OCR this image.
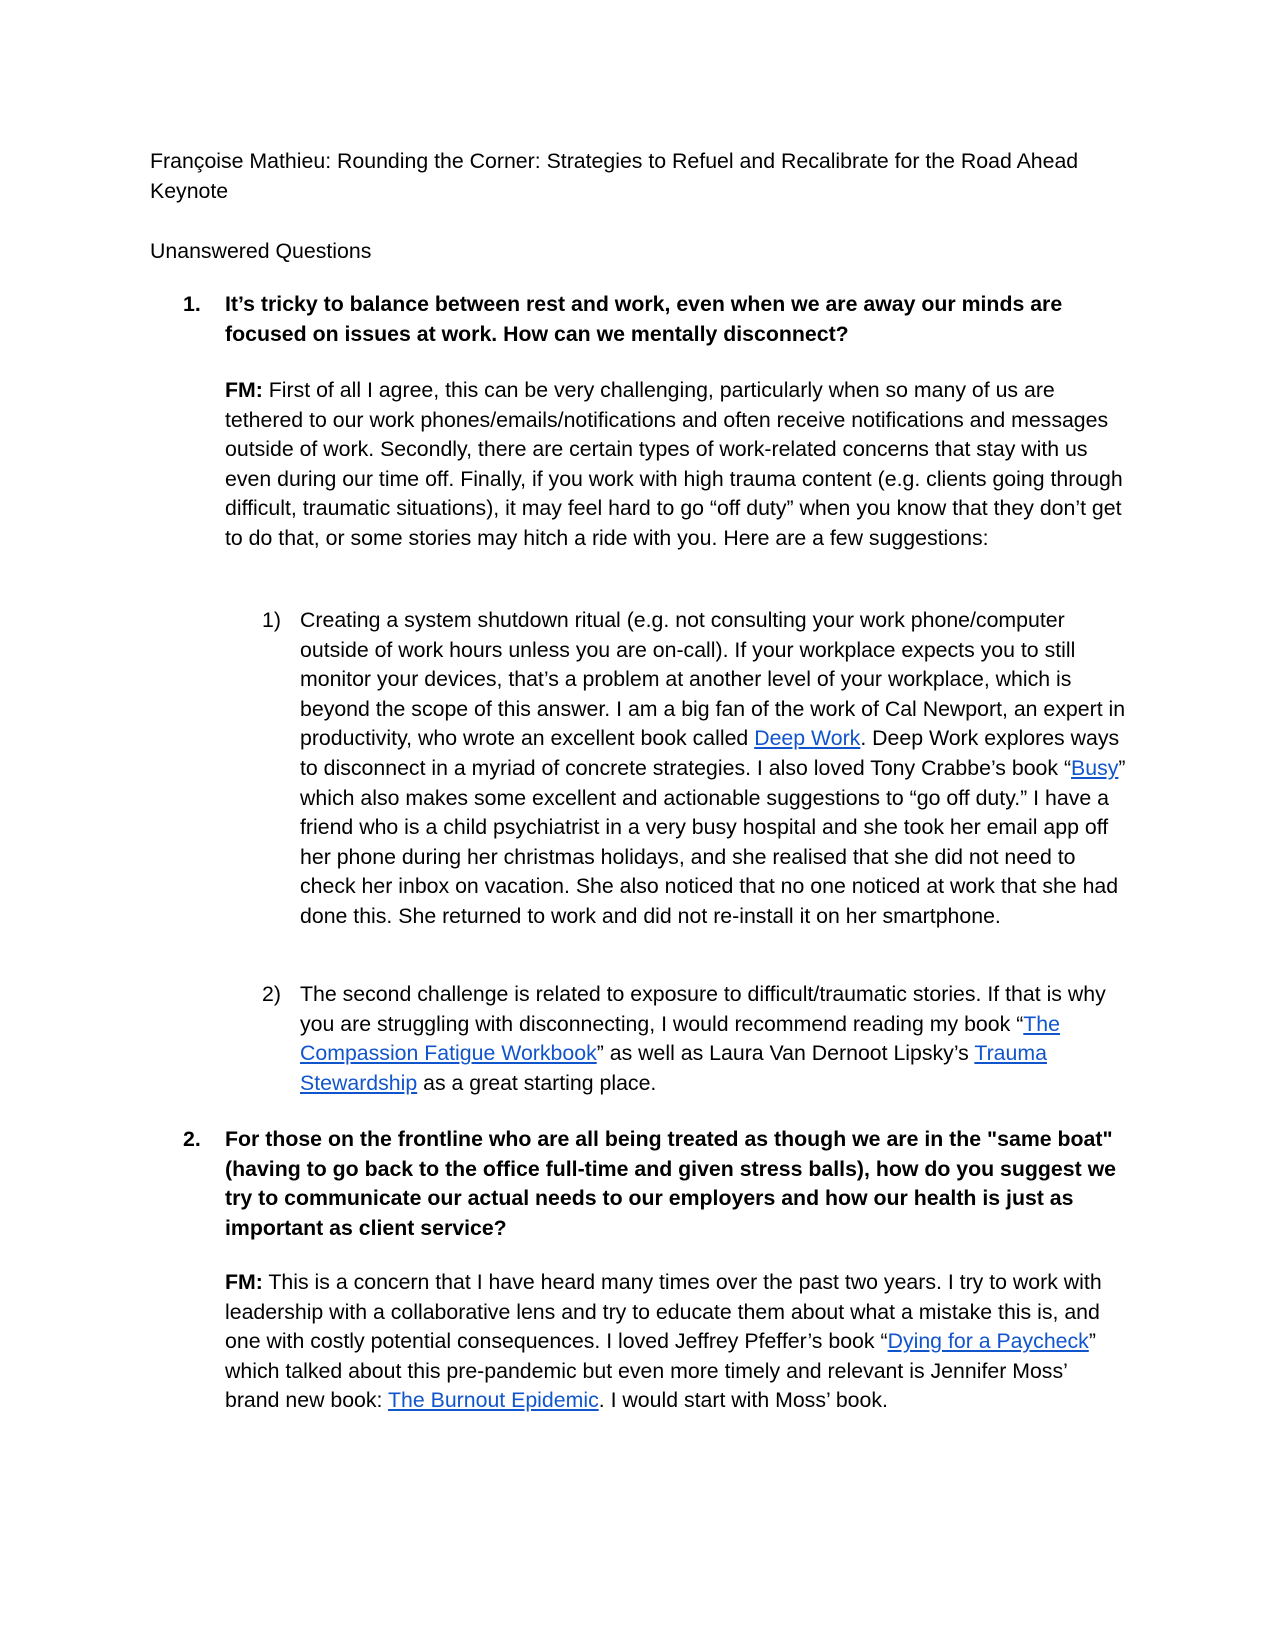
Françoise Mathieu: Rounding the Corner: Strategies to Refuel and Recalibrate for the Road Ahead Keynote

Unanswered Questions

1. It’s tricky to balance between rest and work, even when we are away our minds are focused on issues at work. How can we mentally disconnect?

FM: First of all I agree, this can be very challenging, particularly when so many of us are tethered to our work phones/emails/notifications and often receive notifications and messages outside of work. Secondly, there are certain types of work-related concerns that stay with us even during our time off. Finally, if you work with high trauma content (e.g. clients going through difficult, traumatic situations), it may feel hard to go “off duty” when you know that they don’t get to do that, or some stories may hitch a ride with you. Here are a few suggestions:

1) Creating a system shutdown ritual (e.g. not consulting your work phone/computer outside of work hours unless you are on-call). If your workplace expects you to still monitor your devices, that’s a problem at another level of your workplace, which is beyond the scope of this answer. I am a big fan of the work of Cal Newport, an expert in productivity, who wrote an excellent book called Deep Work. Deep Work explores ways to disconnect in a myriad of concrete strategies. I also loved Tony Crabbe’s book “Busy” which also makes some excellent and actionable suggestions to “go off duty.” I have a friend who is a child psychiatrist in a very busy hospital and she took her email app off her phone during her christmas holidays, and she realised that she did not need to check her inbox on vacation. She also noticed that no one noticed at work that she had done this. She returned to work and did not re-install it on her smartphone.

2) The second challenge is related to exposure to difficult/traumatic stories. If that is why you are struggling with disconnecting, I would recommend reading my book “The Compassion Fatigue Workbook” as well as Laura Van Dernoot Lipsky’s Trauma Stewardship as a great starting place.

2. For those on the frontline who are all being treated as though we are in the "same boat" (having to go back to the office full-time and given stress balls), how do you suggest we try to communicate our actual needs to our employers and how our health is just as important as client service?

FM: This is a concern that I have heard many times over the past two years. I try to work with leadership with a collaborative lens and try to educate them about what a mistake this is, and one with costly potential consequences. I loved Jeffrey Pfeffer’s book “Dying for a Paycheck” which talked about this pre-pandemic but even more timely and relevant is Jennifer Moss’ brand new book: The Burnout Epidemic. I would start with Moss’ book.
